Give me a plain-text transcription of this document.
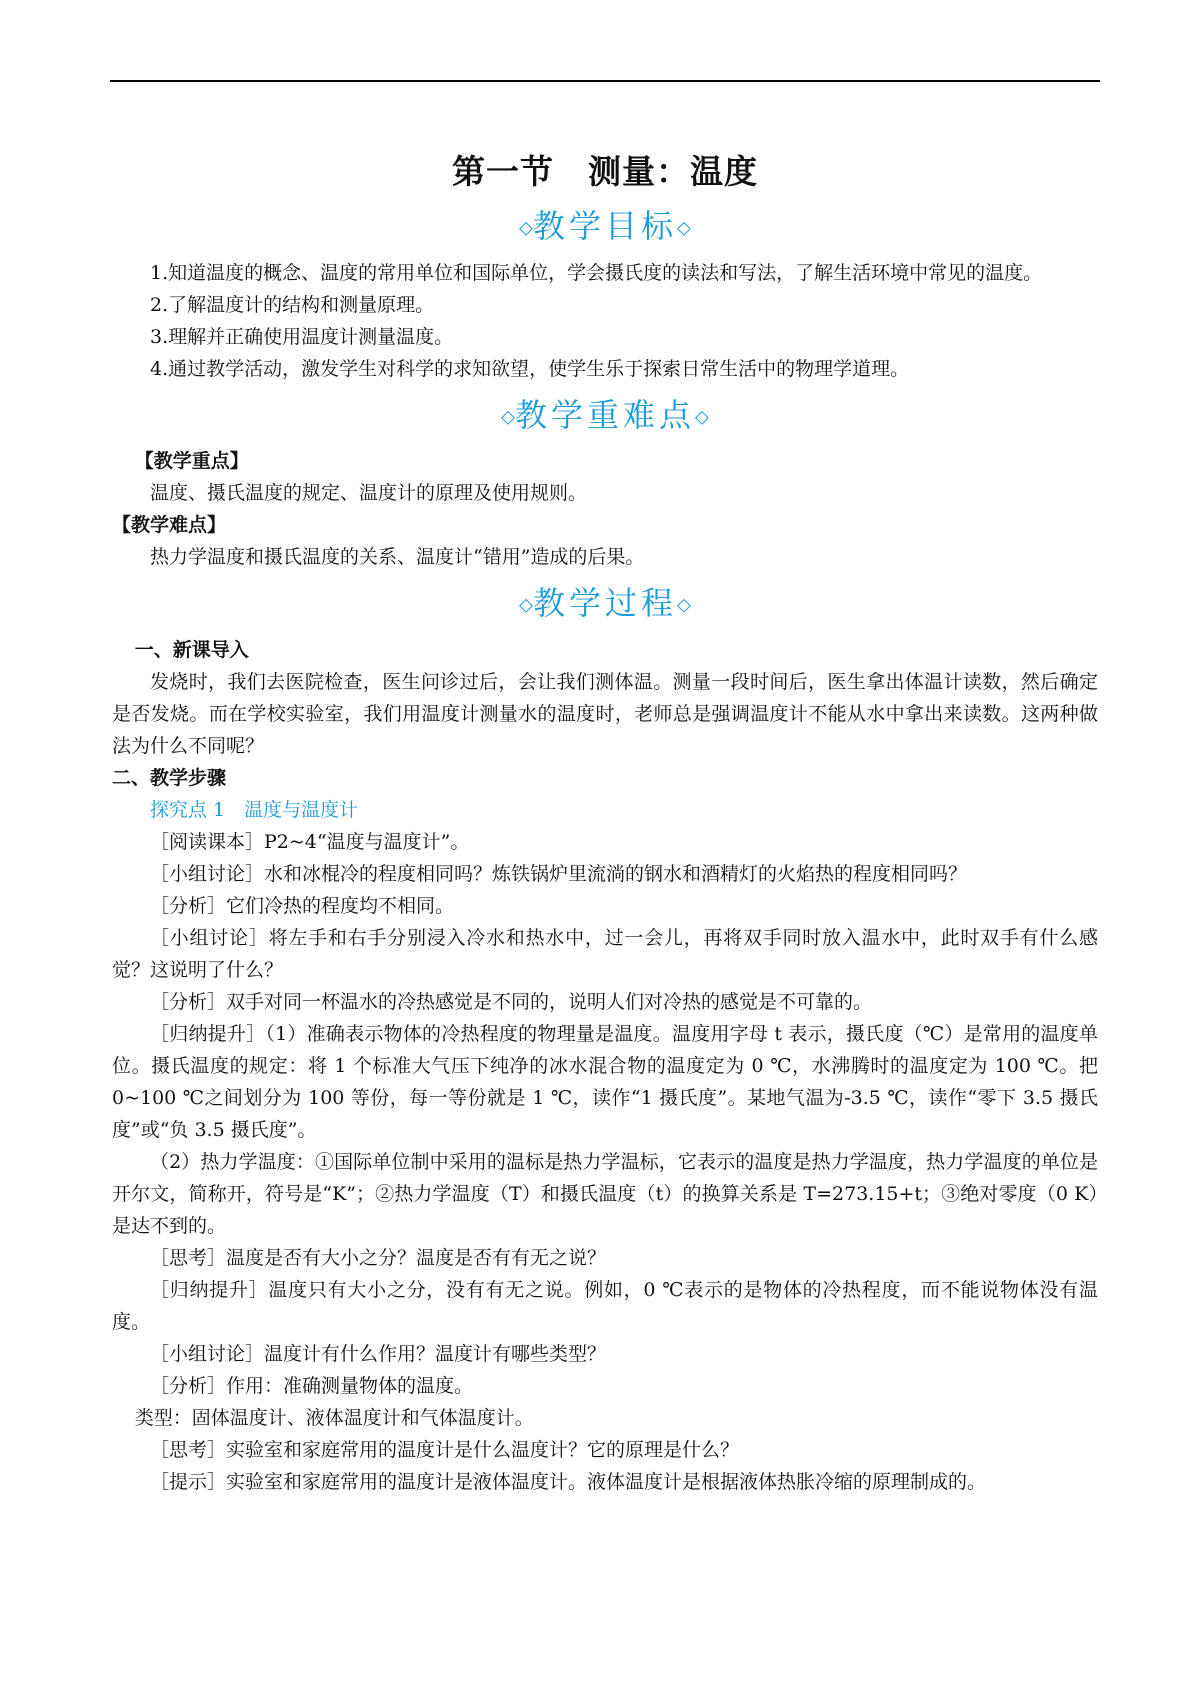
第一节　测量：温度
◇教学目标◇

1.知道温度的概念、温度的常用单位和国际单位，学会摄氏度的读法和写法，了解生活环境中常见的温度。

2.了解温度计的结构和测量原理。

3.理解并正确使用温度计测量温度。

4.通过教学活动，激发学生对科学的求知欲望，使学生乐于探索日常生活中的物理学道理。

◇教学重难点◇

【教学重点】

温度、摄氏温度的规定、温度计的原理及使用规则。

【教学难点】

热力学温度和摄氏温度的关系、温度计“错用”造成的后果。

◇教学过程◇

一、新课导入

发烧时，我们去医院检查，医生问诊过后，会让我们测体温。测量一段时间后，医生拿出体温计读数，然后确定是否发烧。而在学校实验室，我们用温度计测量水的温度时，老师总是强调温度计不能从水中拿出来读数。这两种做法为什么不同呢？

二、教学步骤

探究点 1　温度与温度计

［阅读课本］P2~4“温度与温度计”。

［小组讨论］水和冰棍冷的程度相同吗？炼铁锅炉里流淌的钢水和酒精灯的火焰热的程度相同吗？

［分析］它们冷热的程度均不相同。

［小组讨论］将左手和右手分别浸入冷水和热水中，过一会儿，再将双手同时放入温水中，此时双手有什么感觉？这说明了什么？

［分析］双手对同一杯温水的冷热感觉是不同的，说明人们对冷热的感觉是不可靠的。

［归纳提升］（1）准确表示物体的冷热程度的物理量是温度。温度用字母 t 表示，摄氏度（℃）是常用的温度单位。摄氏温度的规定：将 1 个标准大气压下纯净的冰水混合物的温度定为 0 ℃，水沸腾时的温度定为 100 ℃。把 0~100 ℃之间划分为 100 等份，每一等份就是 1 ℃，读作“1 摄氏度”。某地气温为-3.5 ℃，读作“零下 3.5 摄氏度”或“负 3.5 摄氏度”。

（2）热力学温度：①国际单位制中采用的温标是热力学温标，它表示的温度是热力学温度，热力学温度的单位是开尔文，简称开，符号是“K”；②热力学温度（T）和摄氏温度（t）的换算关系是 T=273.15+t；③绝对零度（0 K）是达不到的。

［思考］温度是否有大小之分？温度是否有有无之说？

［归纳提升］温度只有大小之分，没有有无之说。例如，0 ℃表示的是物体的冷热程度，而不能说物体没有温度。

［小组讨论］温度计有什么作用？温度计有哪些类型？

［分析］作用：准确测量物体的温度。

类型：固体温度计、液体温度计和气体温度计。

［思考］实验室和家庭常用的温度计是什么温度计？它的原理是什么？

［提示］实验室和家庭常用的温度计是液体温度计。液体温度计是根据液体热胀冷缩的原理制成的。
